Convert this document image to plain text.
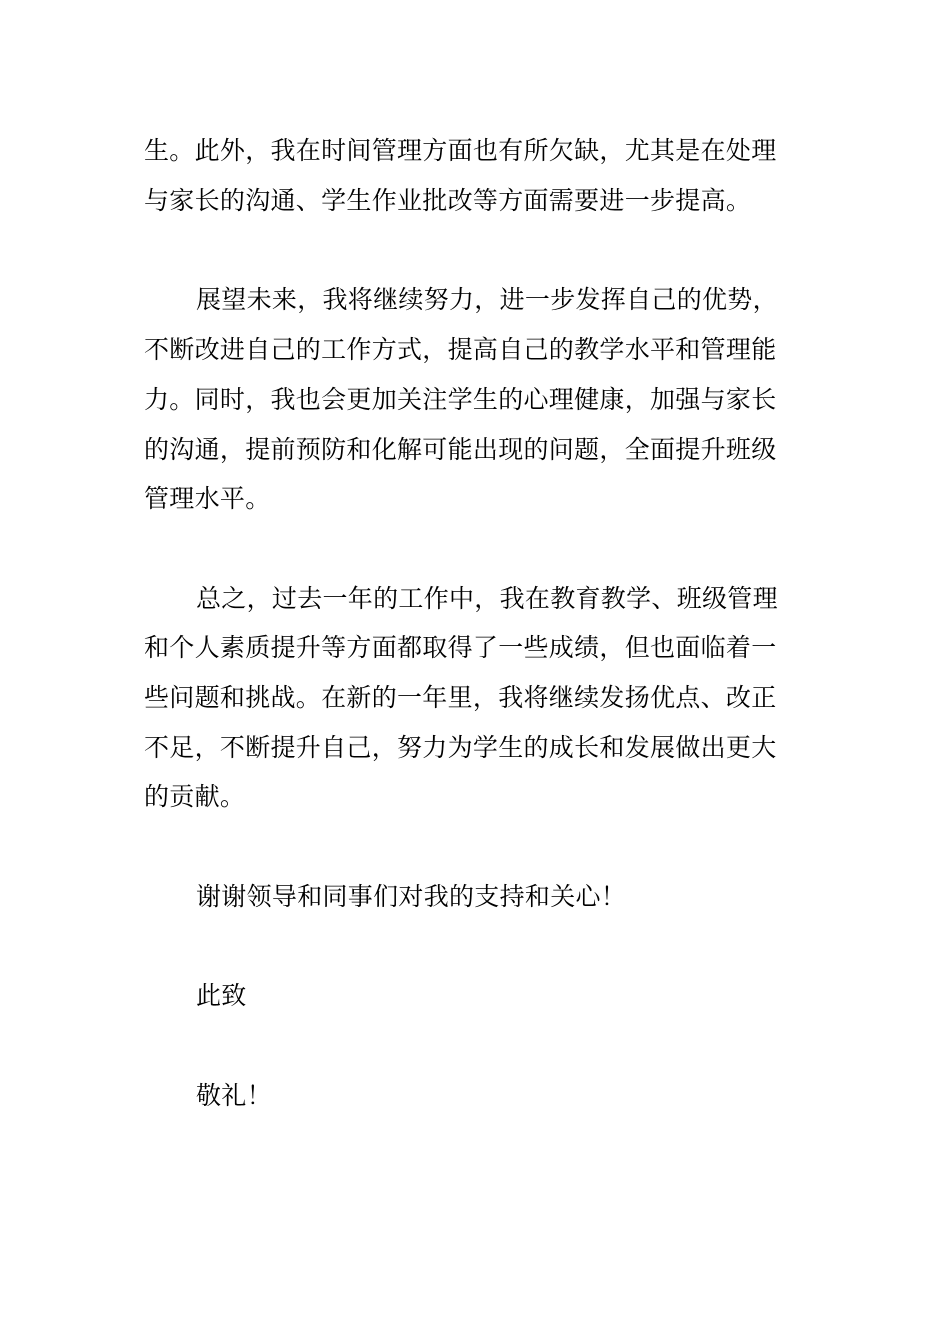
生。此外，我在时间管理方面也有所欠缺，尤其是在处理

与家长的沟通、学生作业批改等方面需要进一步提高。

展望未来，我将继续努力，进一步发挥自己的优势，

不断改进自己的工作方式，提高自己的教学水平和管理能

力。同时，我也会更加关注学生的心理健康，加强与家长

的沟通，提前预防和化解可能出现的问题，全面提升班级

管理水平。

总之，过去一年的工作中，我在教育教学、班级管理

和个人素质提升等方面都取得了一些成绩，但也面临着一

些问题和挑战。在新的一年里，我将继续发扬优点、改正

不足，不断提升自己，努力为学生的成长和发展做出更大

的贡献。

谢谢领导和同事们对我的支持和关心！

此致

敬礼！
